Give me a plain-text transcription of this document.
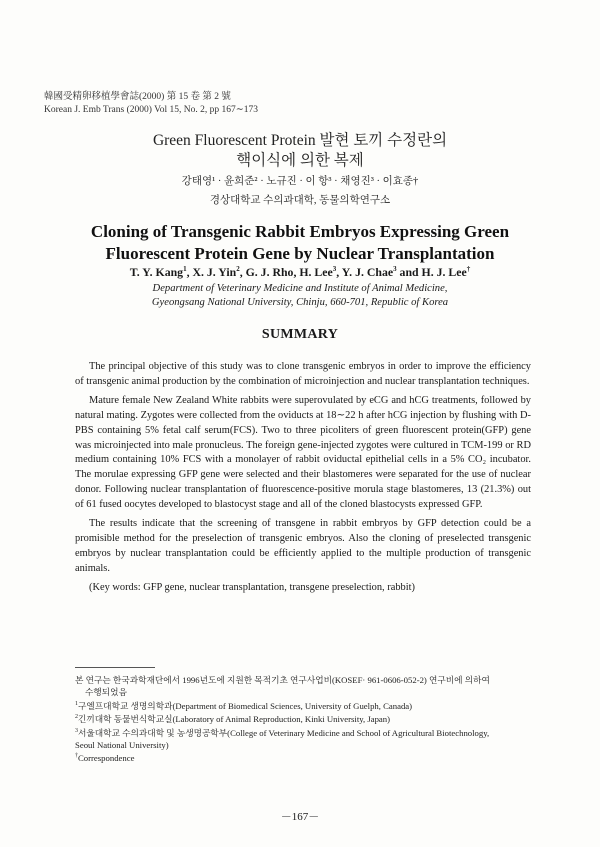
韓國受精卵移植學會誌(2000) 第 15 卷 第 2 號
Korean J. Emb Trans (2000) Vol 15, No. 2, pp 167∼173
Green Fluorescent Protein 발현 토끼 수정란의
핵이식에 의한 복제
강태영¹ · 윤희준² · 노규진 · 이 항³ · 채영진³ · 이효종†
경상대학교 수의과대학, 동물의학연구소
Cloning of Transgenic Rabbit Embryos Expressing Green
Fluorescent Protein Gene by Nuclear Transplantation
T. Y. Kang$^1$, X. J. Yin$^2$, G. J. Rho, H. Lee$^3$, Y. J. Chae$^3$ and H. J. Lee†
Department of Veterinary Medicine and Institute of Animal Medicine,
Gyeongsang National University, Chinju, 660-701, Republic of Korea
SUMMARY

The principal objective of this study was to clone transgenic embryos in order to improve the efficiency of transgenic animal production by the combination of microinjection and nuclear transplantation techniques.

Mature female New Zealand White rabbits were superovulated by eCG and hCG treatments, followed by natural mating. Zygotes were collected from the oviducts at 18∼22 h after hCG injection by flushing with D-PBS containing 5% fetal calf serum(FCS). Two to three picoliters of green fluorescent protein(GFP) gene was microinjected into male pronucleus. The foreign gene-injected zygotes were cultured in TCM-199 or RD medium containing 10% FCS with a monolayer of rabbit oviductal epithelial cells in a 5% CO₂ incubator. The morulae expressing GFP gene were selected and their blastomeres were separated for the use of nuclear donor. Following nuclear transplantation of fluorescence-positive morula stage blastomeres, 13 (21.3%) out of 61 fused oocytes developed to blastocyst stage and all of the cloned blastocysts expressed GFP.

The results indicate that the screening of transgene in rabbit embryos by GFP detection could be a promisible method for the preselection of transgenic embryos. Also the cloning of preselected transgenic embryos by nuclear transplantation could be efficiently applied to the multiple production of transgenic animals.

(Key words: GFP gene, nuclear transplantation, transgene preselection, rabbit)

본 연구는 한국과학재단에서 1996년도에 지원한 목적기초 연구사업비(KOSEF· 961-0606-052-2) 연구비에 의하여
수행되었음
$^1$구엘프대학교 생명의학과(Department of Biomedical Sciences, University of Guelph, Canada)
$^2$긴끼대학 동물번식학교실(Laboratory of Animal Reproduction, Kinki University, Japan)
$^3$서울대학교 수의과대학 및 농생명공학부(College of Veterinary Medicine and School of Agricultural Biotechnology,
Seoul National University)
†Correspondence
－167－
